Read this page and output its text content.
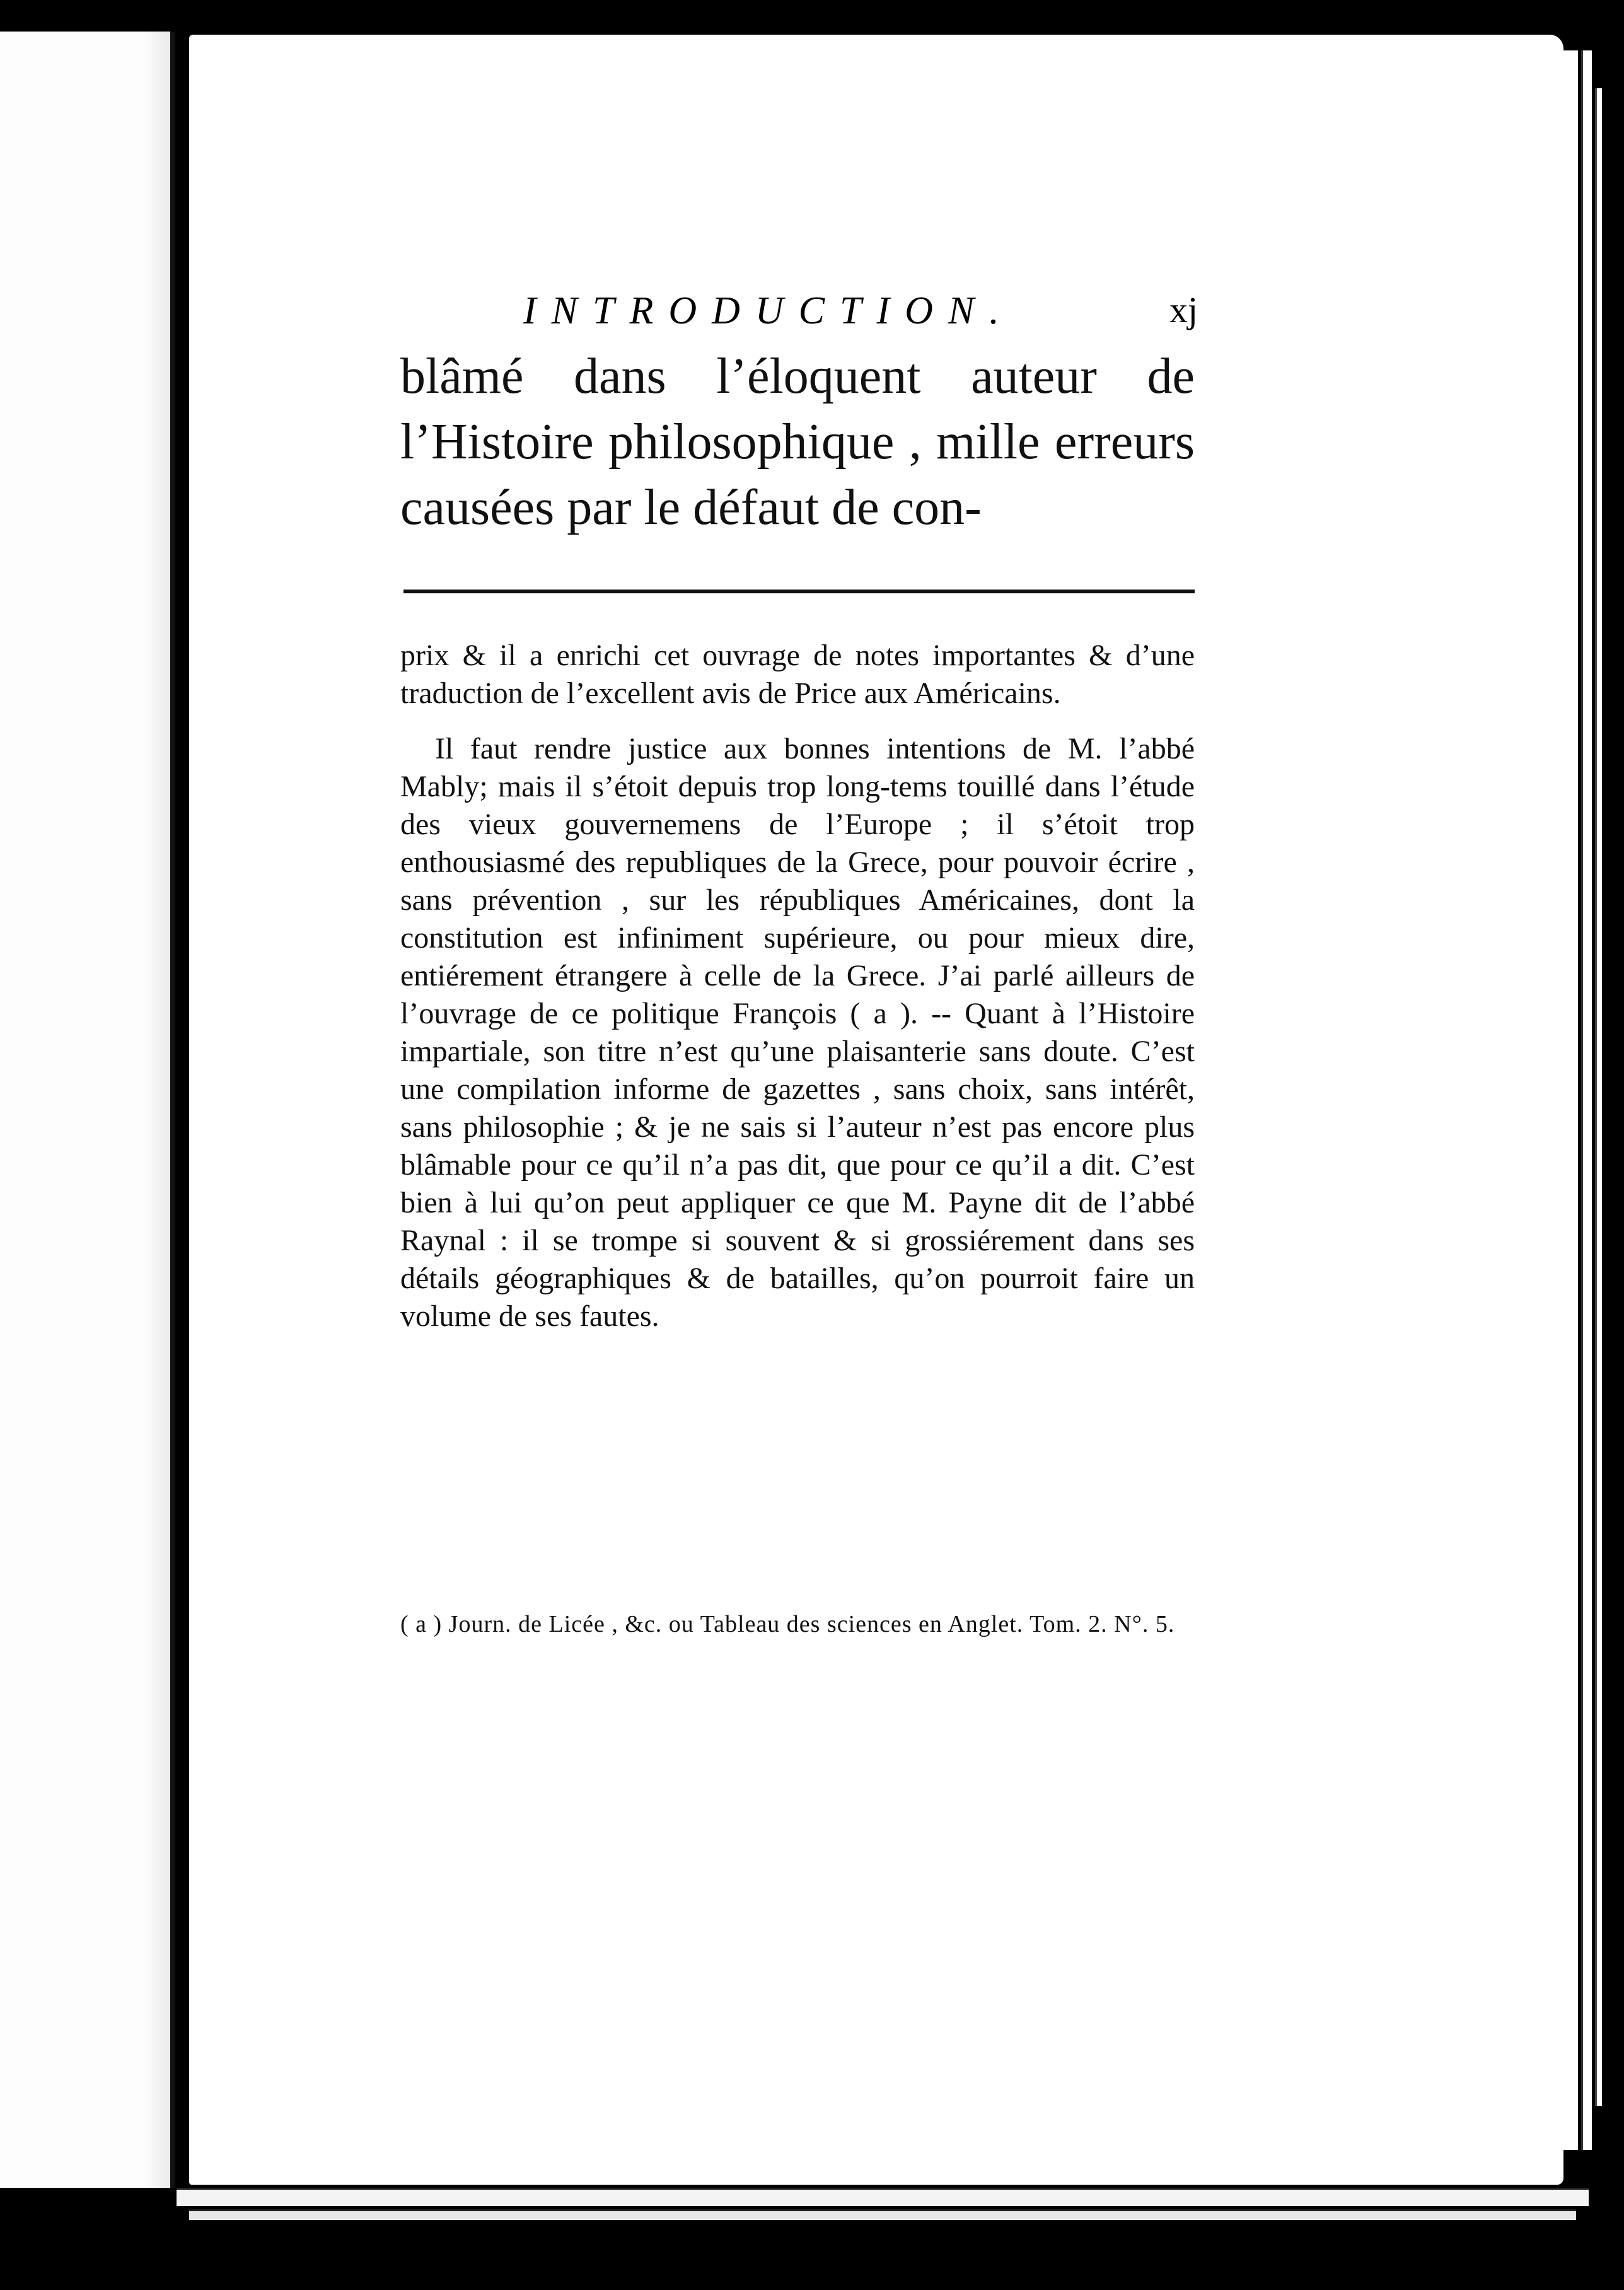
INTRODUCTION.	xj

blâmé dans l’éloquent auteur de l’Histoire philosophique , mille erreurs causées par le défaut de con-

prix & il a enrichi cet ouvrage de notes importantes & d’une traduction de l’excellent avis de Price aux Américains.

Il faut rendre justice aux bonnes intentions de M. l’abbé Mably; mais il s’étoit depuis trop long-tems touillé dans l’étude des vieux gouvernemens de l’Europe ; il s’étoit trop enthousiasmé des republiques de la Grece, pour pouvoir écrire , sans prévention , sur les républiques Américaines, dont la constitution est infiniment supérieure, ou pour mieux dire, entiérement étrangere à celle de la Grece. J’ai parlé ailleurs de l’ouvrage de ce politique François ( a ). -- Quant à l’Histoire impartiale, son titre n’est qu’une plaisanterie sans doute. C’est une compilation informe de gazettes , sans choix, sans intérêt, sans philosophie ; & je ne sais si l’auteur n’est pas encore plus blâmable pour ce qu’il n’a pas dit, que pour ce qu’il a dit. C’est bien à lui qu’on peut appliquer ce que M. Payne dit de l’abbé Raynal : il se trompe si souvent & si grossiérement dans ses détails géographiques & de batailles, qu’on pourroit faire un volume de ses fautes.

( a ) Journ. de Licée , &c. ou Tableau des sciences en Anglet. Tom. 2. N°. 5.
